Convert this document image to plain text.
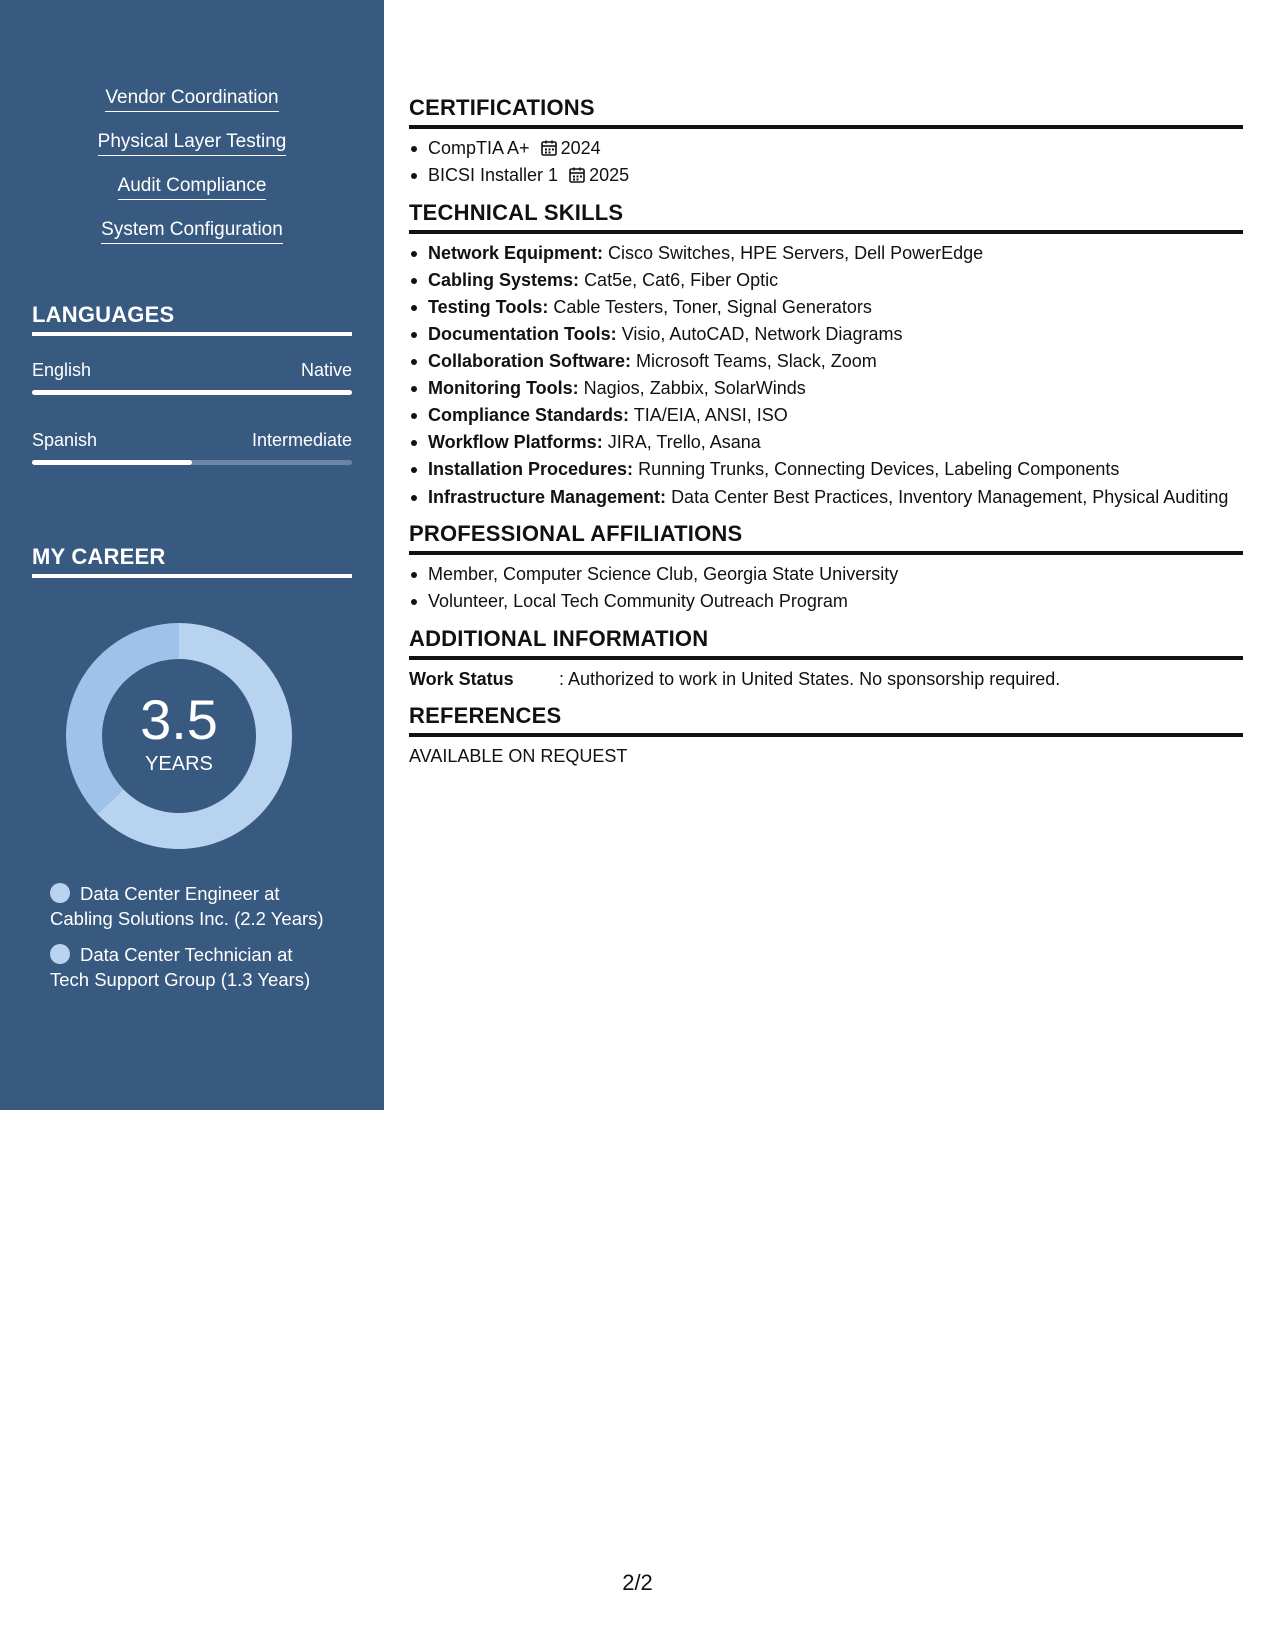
Vendor Coordination
Physical Layer Testing
Audit Compliance
System Configuration
LANGUAGES
English	Native
Spanish	Intermediate
MY CAREER
3.5
YEARS
Data Center Engineer at Cabling Solutions Inc. (2.2 Years)
Data Center Technician at Tech Support Group (1.3 Years)
CERTIFICATIONS
CompTIA A+ 2024
BICSI Installer 1 2025
TECHNICAL SKILLS
Network Equipment: Cisco Switches, HPE Servers, Dell PowerEdge
Cabling Systems: Cat5e, Cat6, Fiber Optic
Testing Tools: Cable Testers, Toner, Signal Generators
Documentation Tools: Visio, AutoCAD, Network Diagrams
Collaboration Software: Microsoft Teams, Slack, Zoom
Monitoring Tools: Nagios, Zabbix, SolarWinds
Compliance Standards: TIA/EIA, ANSI, ISO
Workflow Platforms: JIRA, Trello, Asana
Installation Procedures: Running Trunks, Connecting Devices, Labeling Components
Infrastructure Management: Data Center Best Practices, Inventory Management, Physical Auditing
PROFESSIONAL AFFILIATIONS
Member, Computer Science Club, Georgia State University
Volunteer, Local Tech Community Outreach Program
ADDITIONAL INFORMATION
Work Status	: Authorized to work in United States. No sponsorship required.
REFERENCES
AVAILABLE ON REQUEST
2/2
